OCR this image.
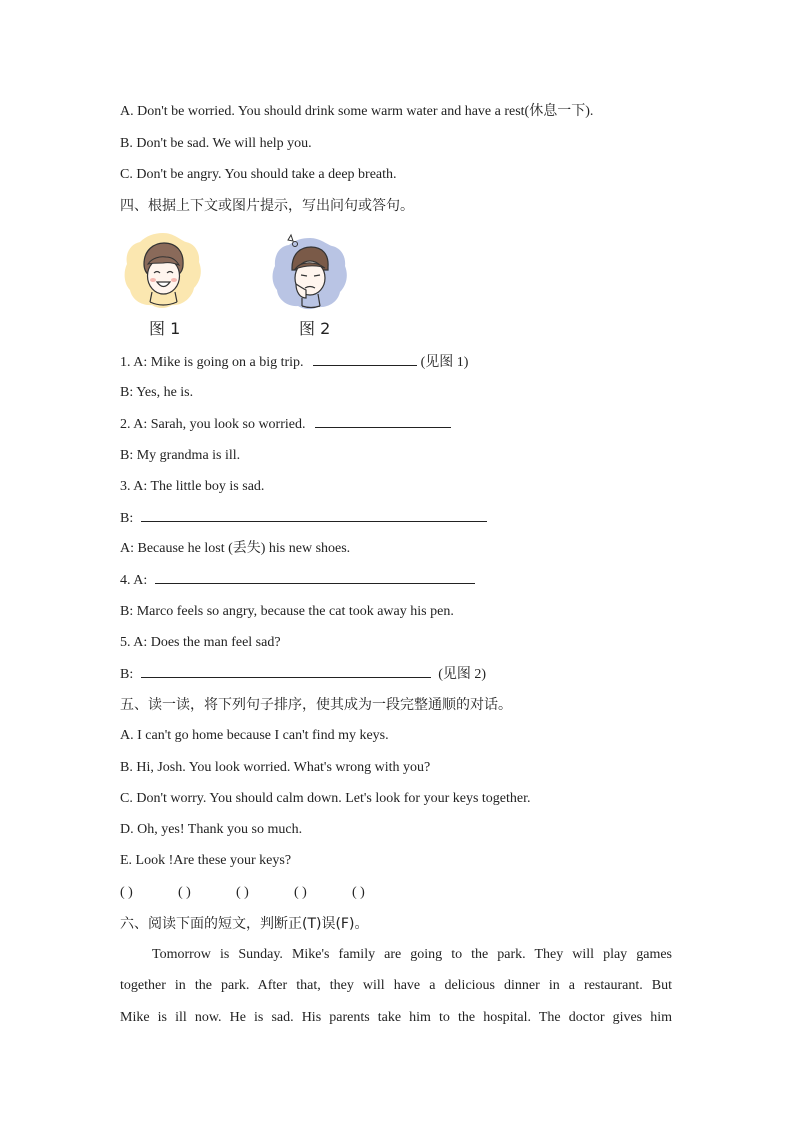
A. Don't be worried. You should drink some warm water and have a rest(休息一下).
B. Don't be sad. We will help you.
C. Don't be angry. You should take a deep breath.
四、根据上下文或图片提示，写出问句或答句。
图 1	图 2
1. A: Mike is going on a big trip.	(见图 1)
B: Yes, he is.
2. A: Sarah, you look so worried.
B: My grandma is ill.
3. A: The little boy is sad.
B:
A: Because he lost (丢失) his new shoes.
4. A:
B: Marco feels so angry, because the cat took away his pen.
5. A: Does the man feel sad?
B:	(见图 2)
五、读一读，将下列句子排序，使其成为一段完整通顺的对话。
A. I can't go home because I can't find my keys.
B. Hi, Josh. You look worried. What's wrong with you?
C. Don't worry. You should calm down. Let's look for your keys together.
D. Oh, yes! Thank you so much.
E. Look !Are these your keys?
( )	( )	( )	( )	( )
六、阅读下面的短文，判断正(T)误(F)。
Tomorrow is Sunday. Mike's family are going to the park. They will play games
together in the park. After that, they will have a delicious dinner in a restaurant. But
Mike is ill now. He is sad. His parents take him to the hospital. The doctor gives him
